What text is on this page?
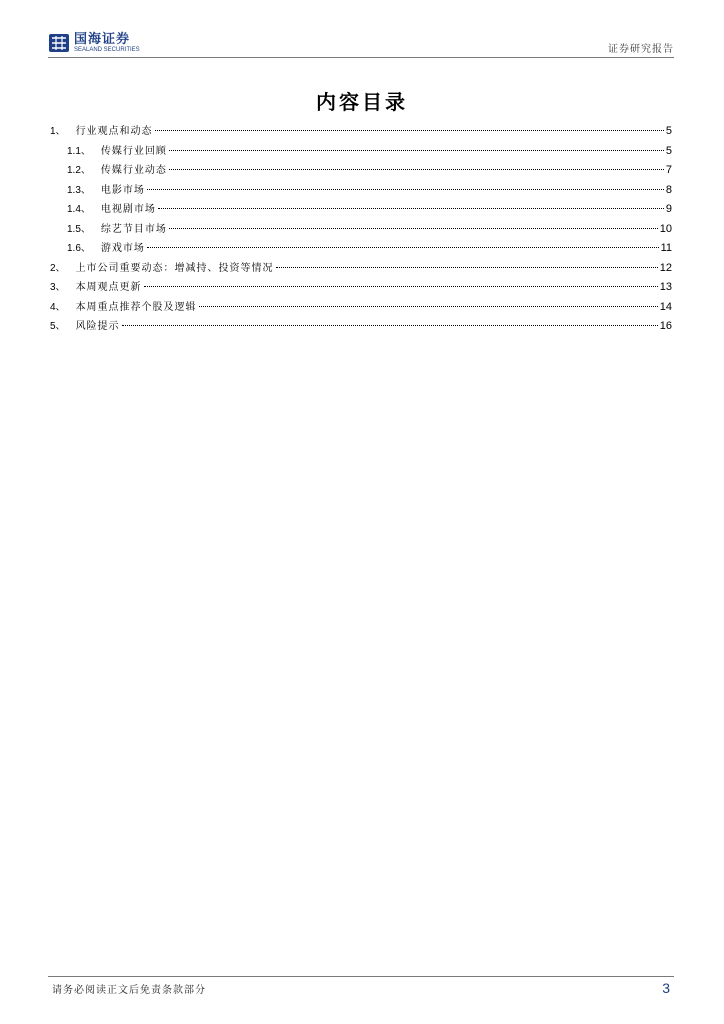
国海证券
SEALAND SECURITIES	证券研究报告
内容目录
1、 行业观点和动态	5
1.1、 传媒行业回顾	5
1.2、 传媒行业动态	7
1.3、 电影市场	8
1.4、 电视剧市场	9
1.5、 综艺节目市场	10
1.6、 游戏市场	11
2、 上市公司重要动态：增减持、投资等情况	12
3、 本周观点更新	13
4、 本周重点推荐个股及逻辑	14
5、 风险提示	16
请务必阅读正文后免责条款部分	3
